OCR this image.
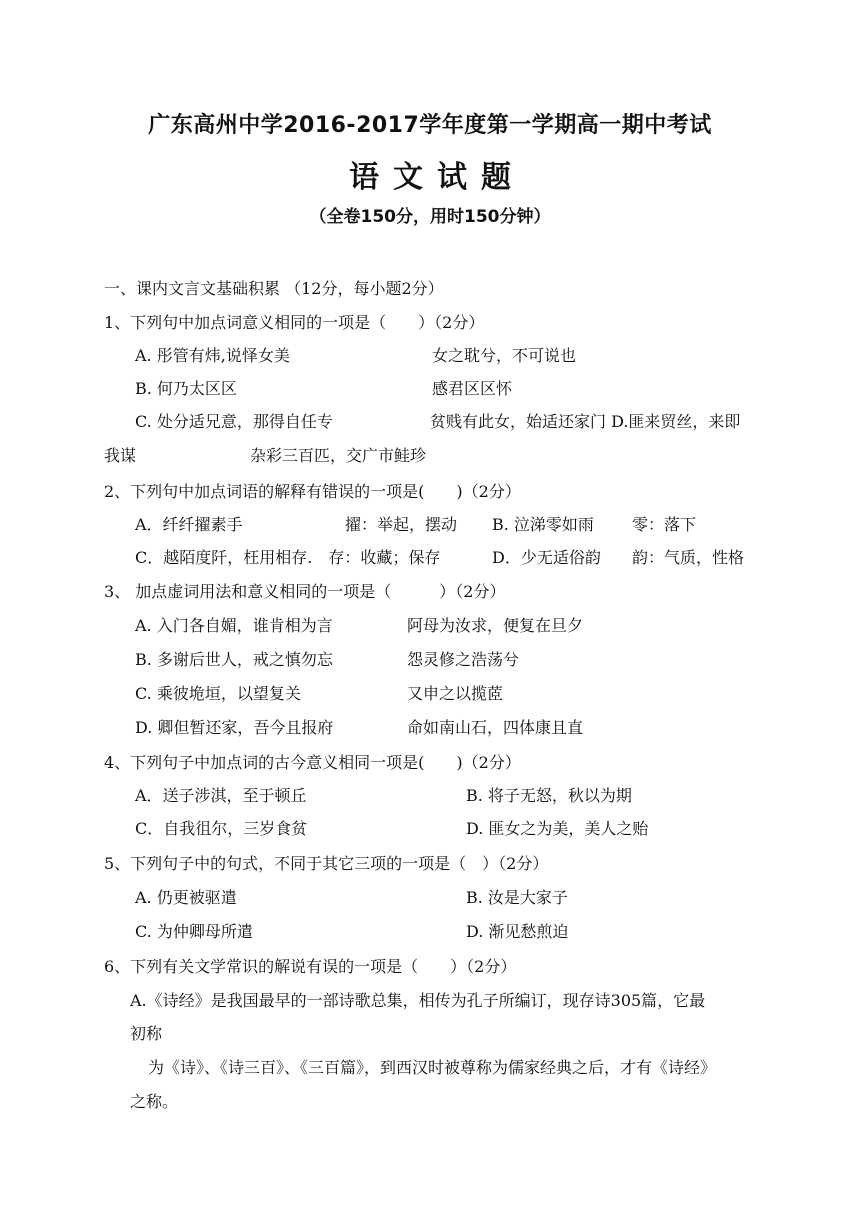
广东高州中学2016-2017学年度第一学期高一期中考试
语文试题
（全卷150分，用时150分钟）
一、课内文言文基础积累 （12分，每小题2分）
1、下列句中加点词意义相同的一项是（　　）（2分）
A. 彤管有炜,说怿女美	女之耽兮，不可说也
B. 何乃太区区	感君区区怀
C. 处分适兄意，那得自任专	贫贱有此女，始适还家门 D.匪来贸丝，来即
我谋	杂彩三百匹，交广市鲑珍
2、下列句中加点词语的解释有错误的一项是(　　)（2分）
A．纤纤擢素手	擢：举起，摆动 B. 泣涕零如雨 零：落下
C．越陌度阡，枉用相存.　存：收藏；保存	D．少无适俗韵 韵：气质，性格
3、 加点虚词用法和意义相同的一项是（　　　）（2分）
A. 入门各自媚，谁肯相为言	阿母为汝求，便复在旦夕
B. 多谢后世人，戒之慎勿忘	怨灵修之浩荡兮
C. 乘彼垝垣，以望复关	又申之以揽茝
D. 卿但暂还家，吾今且报府	命如南山石，四体康且直
4、下列句子中加点词的古今意义相同一项是(　　)（2分）
A．送子涉淇，至于顿丘	B. 将子无怒，秋以为期
C．自我徂尔，三岁食贫	D. 匪女之为美，美人之贻
5、下列句子中的句式，不同于其它三项的一项是（　）（2分）
A. 仍更被驱遣	B. 汝是大家子
C. 为仲卿母所遣	D. 渐见愁煎迫
6、下列有关文学常识的解说有误的一项是（　　）（2分）
A.《诗经》是我国最早的一部诗歌总集，相传为孔子所编订，现存诗305篇，它最
初称
为《诗》、《诗三百》、《三百篇》，到西汉时被尊称为儒家经典之后，才有《诗经》
之称。
